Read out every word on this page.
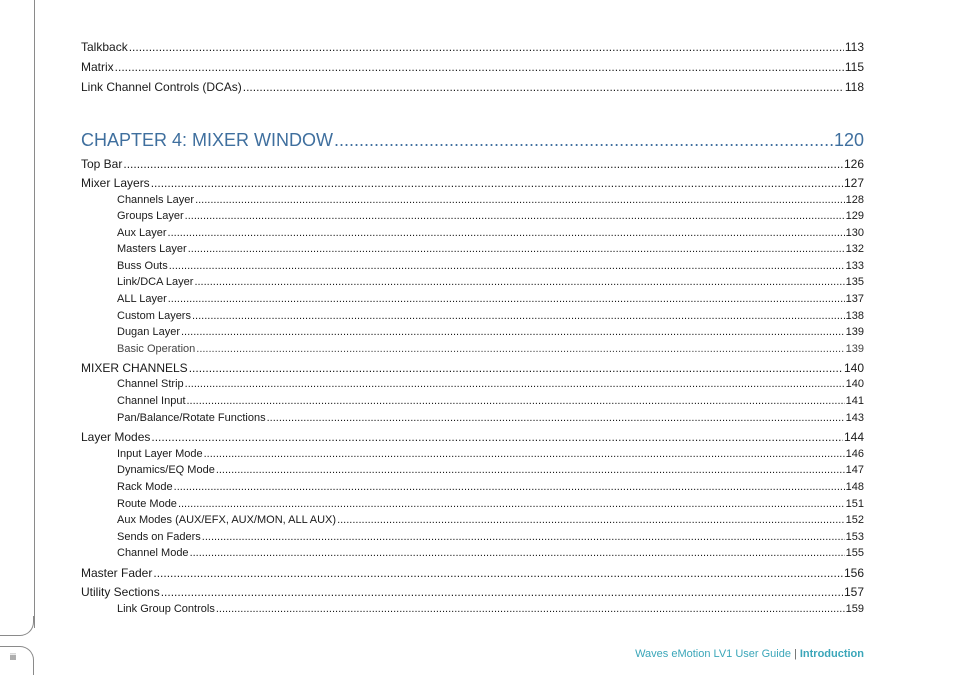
iii
Talkback .....	113
Matrix .....	115
Link Channel Controls (DCAs) .....	118
CHAPTER 4: MIXER WINDOW .....	120
Top Bar .....	126
Mixer Layers .....	127
Channels Layer .....	128
Groups Layer .....	129
Aux Layer .....	130
Masters Layer .....	132
Buss Outs .....	133
Link/DCA Layer .....	135
ALL Layer .....	137
Custom Layers .....	138
Dugan Layer .....	139
Basic Operation .....	139
MIXER CHANNELS .....	140
Channel Strip .....	140
Channel Input .....	141
Pan/Balance/Rotate Functions .....	143
Layer Modes .....	144
Input Layer Mode .....	146
Dynamics/EQ Mode .....	147
Rack Mode .....	148
Route Mode .....	151
Aux Modes (AUX/EFX, AUX/MON, ALL AUX) .....	152
Sends on Faders .....	153
Channel Mode .....	155
Master Fader .....	156
Utility Sections .....	157
Link Group Controls .....	159
Waves eMotion LV1 User Guide | Introduction
